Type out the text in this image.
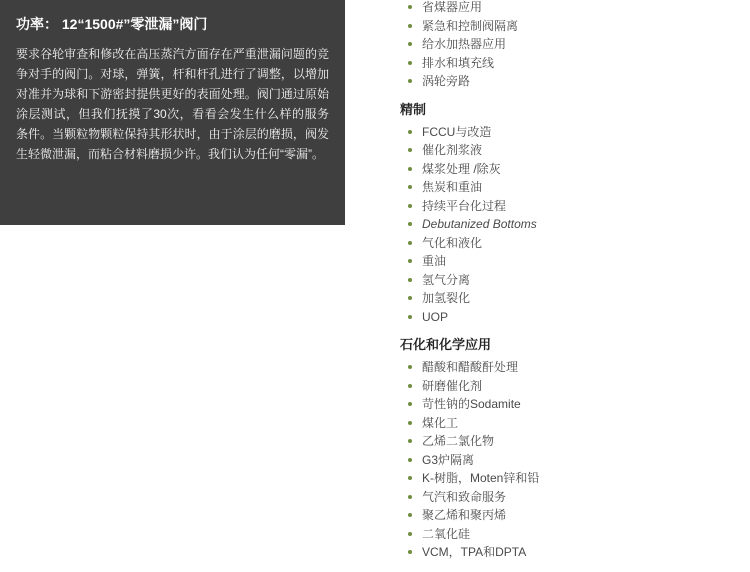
功率： 12“1500#”零泄漏”阀门
要求谷轮审查和修改在高压蒸汽方面存在严重泄漏问题的竞争对手的阀门。对球，弹簧，杆和杆孔进行了调整，以增加对准并为球和下游密封提供更好的表面处理。阀门通过原始涂层测试，但我们抚摸了30次，看看会发生什么样的服务条件。当颗粒物颗粒保持其形状时，由于涂层的磨损，阀发生轻微泄漏，而粘合材料磨损少许。我们认为任何“零漏”。
省煤器应用
紧急和控制阀隔离
给水加热器应用
排水和填充线
涡轮旁路
精制
FCCU与改造
催化剂浆液
煤浆处理 /除灰
焦炭和重油
持续平台化过程
Debutanized Bottoms
气化和液化
重油
氢气分离
加氢裂化
UOP
石化和化学应用
醋酸和醋酸酐处理
研磨催化剂
苛性钠的Sodamite
煤化工
乙烯二氯化物
G3炉隔离
K-树脂，Moten锌和铅
气汽和致命服务
聚乙烯和聚丙烯
二氧化硅
VCM，TPA和DPTA
